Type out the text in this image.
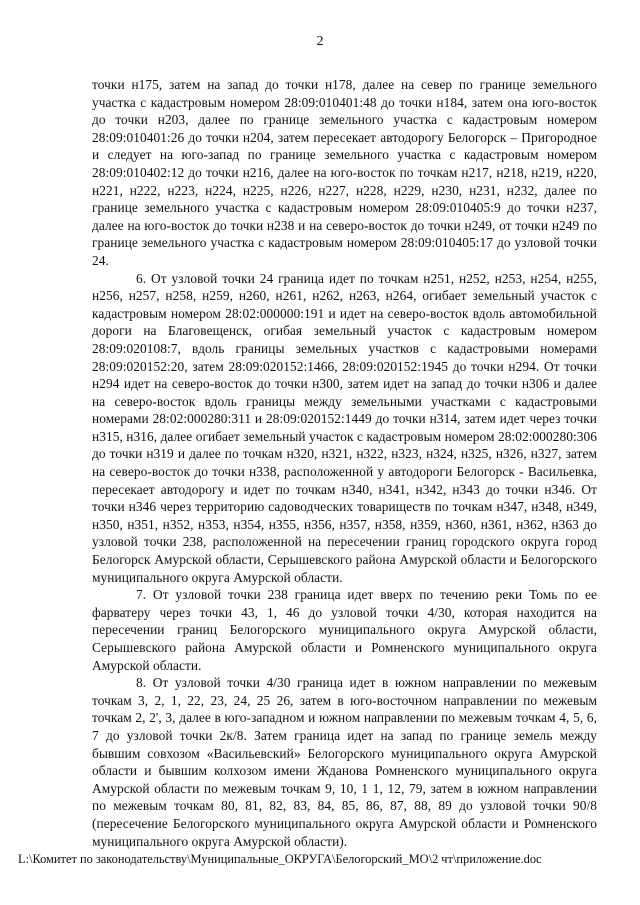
2

точки н175, затем на запад до точки н178, далее на север по границе земельного участка с кадастровым номером 28:09:010401:48 до точки н184, затем она юго-восток до точки н203, далее по границе земельного участка с кадастровым номером 28:09:010401:26 до точки н204, затем пересекает автодорогу Белогорск – Пригородное и следует на юго-запад по границе земельного участка с кадастровым номером 28:09:010402:12 до точки н216, далее на юго-восток по точкам н217, н218, н219, н220, н221, н222, н223, н224, н225, н226, н227, н228, н229, н230, н231, н232, далее по границе земельного участка с кадастровым номером 28:09:010405:9 до точки н237, далее на юго-восток до точки н238 и на северо-восток до точки н249, от точки н249 по границе земельного участка с кадастровым номером 28:09:010405:17 до узловой точки 24.

6. От узловой точки 24 граница идет по точкам н251, н252, н253, н254, н255, н256, н257, н258, н259, н260, н261, н262, н263, н264, огибает земельный участок с кадастровым номером 28:02:000000:191 и идет на северо-восток вдоль автомобильной дороги на Благовещенск, огибая земельный участок с кадастровым номером 28:09:020108:7, вдоль границы земельных участков с кадастровыми номерами 28:09:020152:20, затем 28:09:020152:1466, 28:09:020152:1945 до точки н294. От точки н294 идет на северо-восток до точки н300, затем идет на запад до точки н306 и далее на северо-восток вдоль границы между земельными участками с кадастровыми номерами 28:02:000280:311 и 28:09:020152:1449 до точки н314, затем идет через точки н315, н316, далее огибает земельный участок с кадастровым номером 28:02:000280:306 до точки н319 и далее по точкам н320, н321, н322, н323, н324, н325, н326, н327, затем на северо-восток до точки н338, расположенной у автодороги Белогорск - Васильевка, пересекает автодорогу и идет по точкам н340, н341, н342, н343 до точки н346. От точки н346 через территорию садоводческих товариществ по точкам н347, н348, н349, н350, н351, н352, н353, н354, н355, н356, н357, н358, н359, н360, н361, н362, н363 до узловой точки 238, расположенной на пересечении границ городского округа город Белогорск Амурской области, Серышевского района Амурской области и Белогорского муниципального округа Амурской области.

7. От узловой точки 238 граница идет вверх по течению реки Томь по ее фарватеру через точки 43, 1, 46 до узловой точки 4/30, которая находится на пересечении границ Белогорского муниципального округа Амурской области, Серышевского района Амурской области и Ромненского муниципального округа Амурской области.

8. От узловой точки 4/30 граница идет в южном направлении по межевым точкам 3, 2, 1, 22, 23, 24, 25 26, затем в юго-восточном направлении по межевым точкам 2, 2', 3, далее в юго-западном и южном направлении по межевым точкам 4, 5, 6, 7 до узловой точки 2к/8. Затем граница идет на запад по границе земель между бывшим совхозом «Васильевский» Белогорского муниципального округа Амурской области и бывшим колхозом имени Жданова Ромненского муниципального округа Амурской области по межевым точкам 9, 10, 1 1, 12, 79, затем в южном направлении по межевым точкам 80, 81, 82, 83, 84, 85, 86, 87, 88, 89 до узловой точки 90/8 (пересечение Белогорского муниципального округа Амурской области и Ромненского муниципального округа Амурской области).

L:\Комитет по законодательству\Муниципальные_ОКРУГА\Белогорский_МО\2 чт\приложение.doc
